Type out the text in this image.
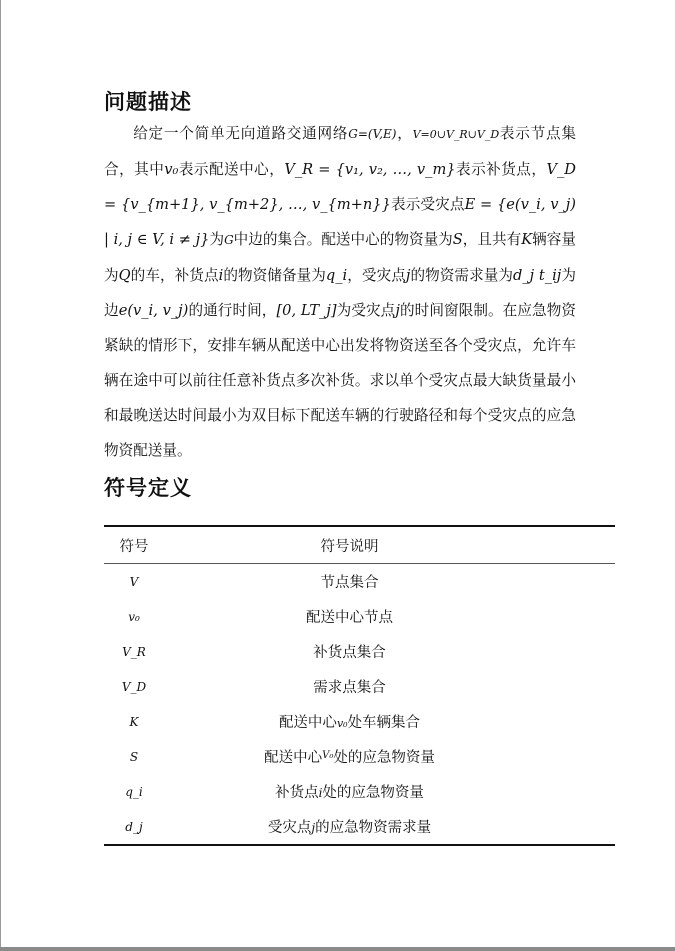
问题描述

给定一个简单无向道路交通网络G=(V,E)，V=0∪V_R∪V_D表示节点集合，其中v₀表示配送中心，V_R = {v₁, v₂, …, v_m}表示补货点，V_D = {v_{m+1}, v_{m+2}, …, v_{m+n}}表示受灾点E = {e(v_i, v_j) | i, j ∈ V, i ≠ j}为G中边的集合。配送中心的物资量为S，且共有K辆容量为Q的车，补货点i的物资储备量为q_i，受灾点j的物资需求量为d_j t_ij为边e(v_i, v_j)的通行时间，[0, LT_j]为受灾点j的时间窗限制。在应急物资紧缺的情形下，安排车辆从配送中心出发将物资送至各个受灾点，允许车辆在途中可以前往任意补货点多次补货。求以单个受灾点最大缺货量最小和最晚送达时间最小为双目标下配送车辆的行驶路径和每个受灾点的应急物资配送量。

符号定义
符号	符号说明
V	节点集合
v₀	配送中心节点
V_R	补货点集合
V_D	需求点集合
K	配送中心v₀处车辆集合
S	配送中心$^{V_0}$处的应急物资量
q_i	补货点i处的应急物资量
d_j	受灾点j的应急物资需求量
